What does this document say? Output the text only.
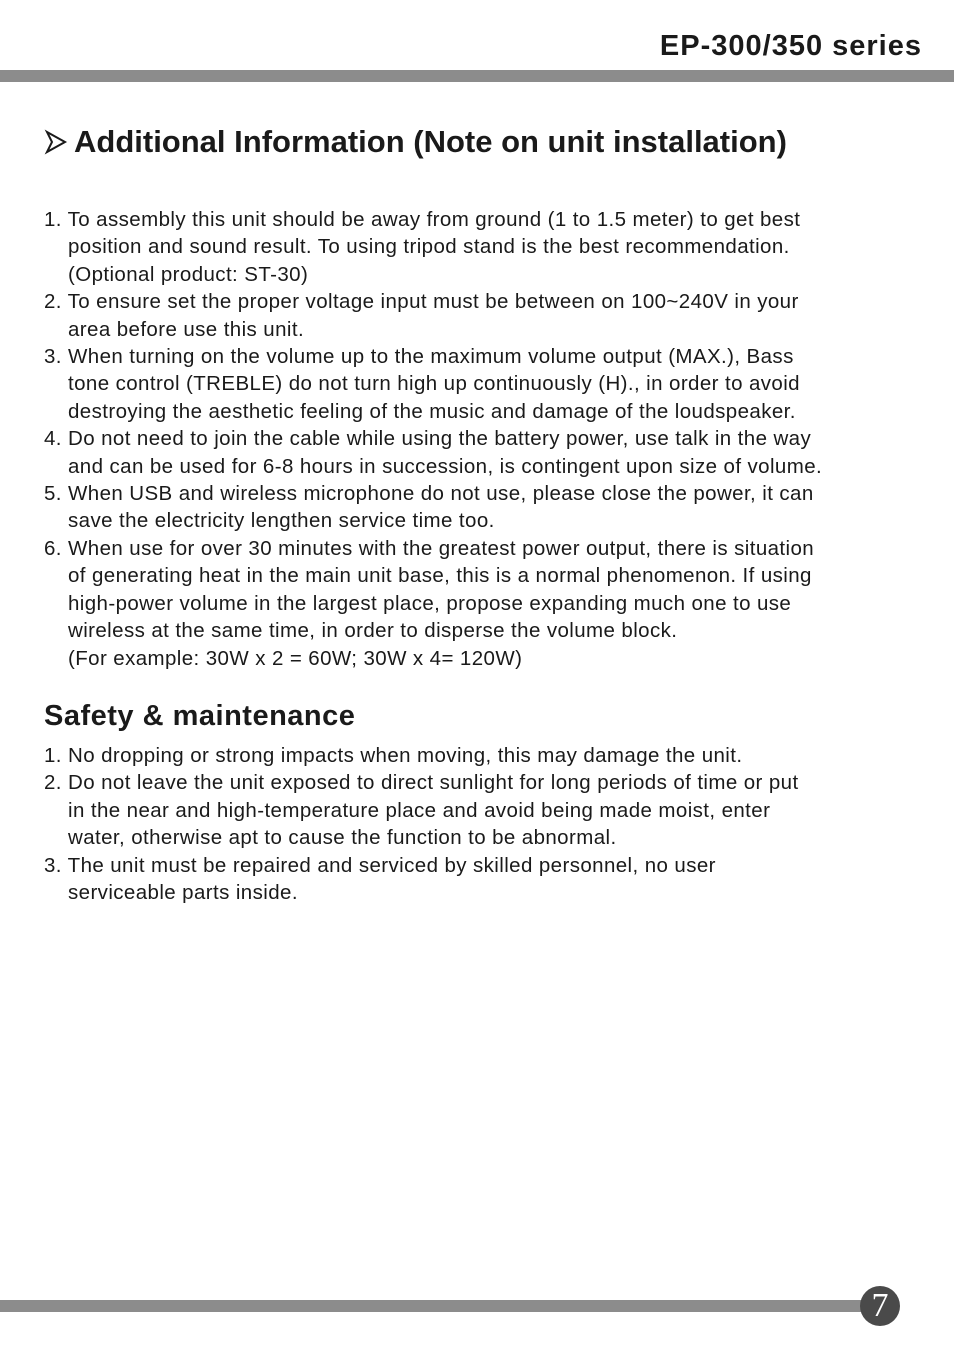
EP-300/350 series
Additional Information (Note on unit installation)
1. To assembly this unit should be away from ground (1 to 1.5 meter) to get best
position and sound result. To using tripod stand is the best recommendation.
(Optional product: ST-30)
2. To ensure set the proper voltage input must be between on 100~240V in your
area before use this unit.
3. When turning on the volume up to the maximum volume output (MAX.), Bass
tone control (TREBLE) do not turn high up continuously (H)., in order to avoid
destroying the aesthetic feeling of the music and damage of the loudspeaker.
4. Do not need to join the cable while using the battery power, use talk in the way
and can be used for 6-8 hours in succession, is contingent upon size of volume.
5. When USB and wireless microphone do not use, please close the power, it can
save the electricity lengthen service time too.
6. When use for over 30 minutes with the greatest power output, there is situation
of generating heat in the main unit base, this is a normal phenomenon. If using
high-power volume in the largest place, propose expanding much one to use
wireless at the same time, in order to disperse the volume block.
(For example: 30W x 2 = 60W; 30W x 4= 120W)
Safety & maintenance
1. No dropping or strong impacts when moving, this may damage the unit.
2. Do not leave the unit exposed to direct sunlight for long periods of time or put
in the near and high-temperature place and avoid being made moist, enter
water, otherwise apt to cause the function to be abnormal.
3. The unit must be repaired and serviced by skilled personnel, no user
serviceable parts inside.
7
